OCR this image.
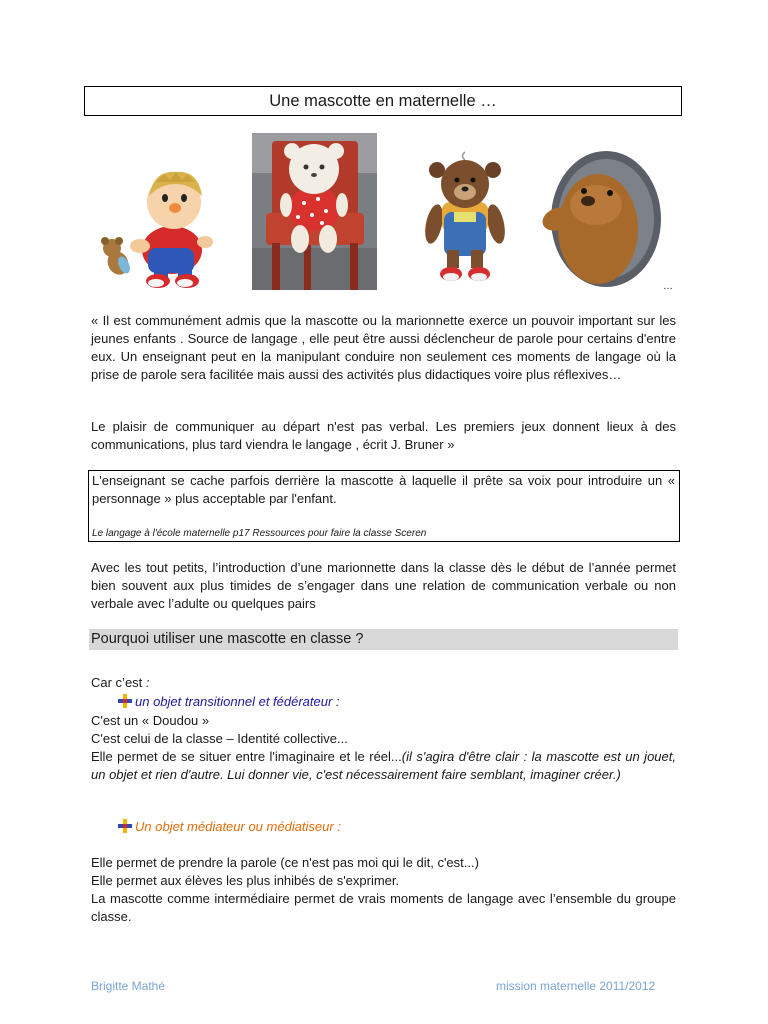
Une mascotte en maternelle …
…

« Il est communément admis que la mascotte ou la marionnette exerce un pouvoir important sur les jeunes enfants . Source de langage , elle peut être aussi déclencheur de parole pour certains d'entre eux. Un enseignant peut en la manipulant conduire non seulement ces moments de langage où la prise de parole sera facilitée mais aussi des activités plus didactiques voire plus réflexives…

Le plaisir de communiquer au départ n'est pas verbal. Les premiers jeux donnent lieux à des communications, plus tard viendra le langage , écrit J. Bruner »

L'enseignant se cache parfois derrière la mascotte à laquelle il prête sa voix pour introduire un « personnage » plus acceptable par l'enfant.

Le langage à l'école maternelle p17 Ressources pour faire la classe Sceren

Avec les tout petits, l’introduction d’une marionnette dans la classe dès le début de l’année permet bien souvent aux plus timides de s’engager dans une relation de communication verbale ou non verbale avec l’adulte ou quelques pairs

Pourquoi utiliser une mascotte en classe ?
Car c’est :
un objet transitionnel et fédérateur :
C'est un « Doudou »
C'est celui de la classe – Identité collective...

Elle permet de se situer entre l'imaginaire et le réel...(il s'agira d'être clair : la mascotte est un jouet, un objet et rien d'autre. Lui donner vie, c'est nécessairement faire semblant, imaginer créer.)

Un objet médiateur ou médiatiseur :
Elle permet de prendre la parole (ce n'est pas moi qui le dit, c'est...)
Elle permet aux élèves les plus inhibés de s'exprimer.

La mascotte comme intermédiaire permet de vrais moments de langage avec l’ensemble du groupe classe.

Brigitte Mathé	mission maternelle 2011/2012
